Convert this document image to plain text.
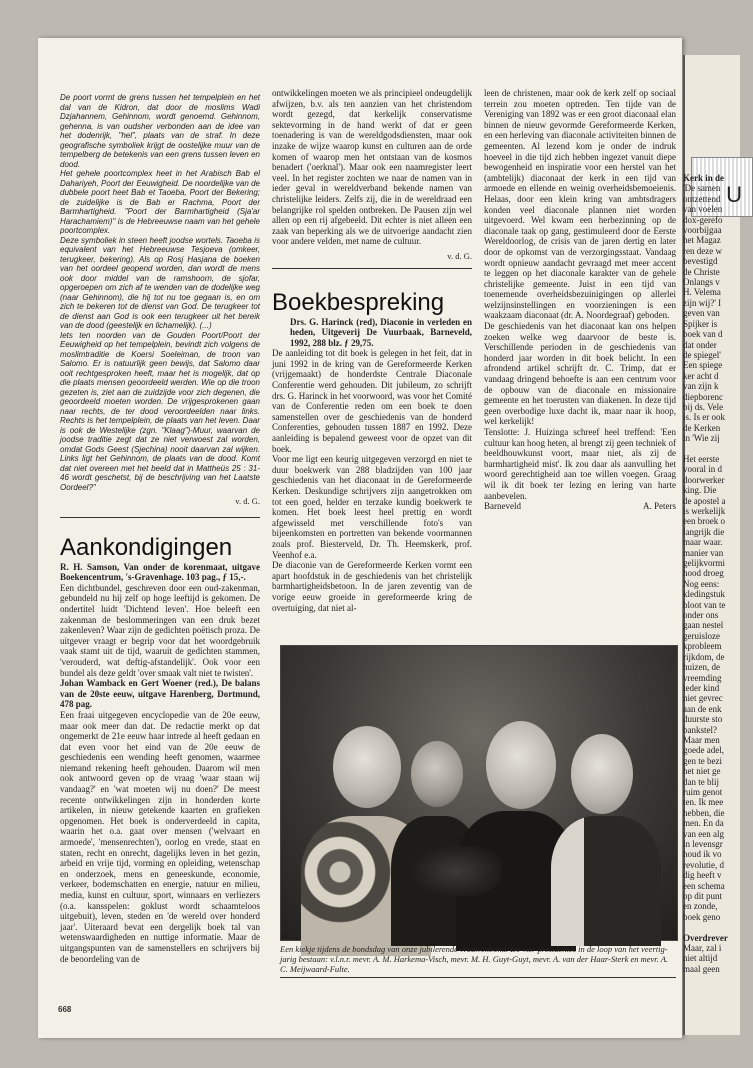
De poort vormt de grens tussen het tempelplein en het dal van de Kidron, dat door de moslims Wadi Dzjahannem, Gehinnom, wordt genoemd. Gehinnom, gehenna, is van oudsher verbonden aan de idee van het dodenrijk, "hel", plaats van de straf. In deze geografische symboliek krijgt de oostelijke muur van de tempelberg de betekenis van een grens tussen leven en dood.

Het gehele poortcomplex heet in het Arabisch Bab el Dahariyeh, Poort der Eeuwigheid. De noordelijke van de dubbele poort heet Bab et Taoeba, Poort der Bekering; de zuidelijke is de Bab er Rachma, Poort der Barmhartigheid. "Poort der Barmhartigheid (Sja'ar Harachamiem)" is de Hebreeuwse naam van het gehele poortcomplex.

Deze symboliek in steen heeft joodse wortels. Taoeba is equivalent van het Hebreeuwse Tesjoeva (omkeer, terugkeer, bekering). Als op Rosj Hasjana de boeken van het oordeel geopend worden, dan wordt de mens ook door middel van de ramshoorn, de sjofar, opgeroepen om zich af te wenden van de dodelijke weg (naar Gehinnom), die hij tot nu toe gegaan is, en om zich te bekeren tot de dienst van God. De terugkeer tot de dienst aan God is ook een terugkeer uit het bereik van de dood (geestelijk en lichamelijk). (...)

Iets ten noorden van de Gouden Poort/Poort der Eeuwigheid op het tempelplein, bevindt zich volgens de moslimtraditie de Koersi Soeleiman, de troon van Salomo. Er is natuurlijk geen bewijs, dat Salomo daar ooit rechtgesproken heeft, maar het is mogelijk, dat op die plaats mensen geoordeeld werden. Wie op die troon gezeten is, ziet aan de zuidzijde voor zich degenen, die geoordeeld moeten worden. De vrijgesprokenen gaan naar rechts, de ter dood veroordeelden naar links. Rechts is het tempelplein, de plaats van het leven. Daar is ook de Westelijke (zgn. "Klaag")-Muur, waarvan de joodse traditie zegt dat ze niet verwoest zal worden, omdat Gods Geest (Sjechina) nooit daarvan zal wijken. Links ligt het Gehinnom, de plaats van de dood. Komt dat niet overeen met het beeld dat in Mattheüs 25 : 31-46 wordt geschetst, bij de beschrijving van het Laatste Oordeel?"

v. d. G.
Aankondigingen

R. H. Samson, Van onder de korenmaat, uitgave Boekencentrum, 's-Gravenhage. 103 pag., ƒ 15,-.

Een dichtbundel, geschreven door een oud-zakenman, gebundeld nu hij zelf op hoge leeftijd is gekomen. De ondertitel luidt 'Dichtend leven'. Hoe beleeft een zakenman de beslommeringen van een druk bezet zakenleven? Waar zijn de gedichten poëtisch proza. De uitgever vraagt er begrip voor dat het woordgebruik vaak stamt uit de tijd, waaruit de gedichten stammen, 'verouderd, wat deftig-afstandelijk'. Ook voor een bundel als deze geldt 'over smaak valt niet te twisten'.

Johan Wamback en Gert Woener (red.), De balans van de 20ste eeuw, uitgave Harenberg, Dortmund, 478 pag.

Een fraai uitgegeven encyclopedie van de 20e eeuw, maar ook meer dan dat. De redactie merkt op dat ongemerkt de 21e eeuw haar intrede al heeft gedaan en dat even voor het eind van de 20e eeuw de geschiedenis een wending heeft genomen, waarmee niemand rekening heeft gehouden. Daarom wil men ook antwoord geven op de vraag 'waar staan wij vandaag?' en 'wat moeten wij nu doen?' De meest recente ontwikkelingen zijn in honderden korte artikelen, in nieuw getekende kaarten en grafieken opgenomen. Het boek is onderverdeeld in capita, waarin het o.a. gaat over mensen ('welvaart en armoede', 'mensenrechten'), oorlog en vrede, staat en staten, recht en onrecht, dagelijks leven in het gezin, arbeid en vrije tijd, vorming en opleiding, wetenschap en onderzoek, mens en geneeskunde, economie, verkeer, bodemschatten en energie, natuur en milieu, media, kunst en cultuur, sport, winnaars en verliezers (o.a. kansspelen: goklust wordt schaamteloos uitgebuit), leven, steden en 'de wereld over honderd jaar'. Uiteraard bevat een dergelijk boek tal van wetenswaardigheden en nuttige informatie. Maar de uitgangspunten van de samenstellers en schrijvers bij de beoordeling van de

ontwikkelingen moeten we als principieel ondeugdelijk afwijzen, b.v. als ten aanzien van het christendom wordt gezegd, dat kerkelijk conservatisme sektevorming in de hand werkt of dat er geen toenadering is van de wereldgodsdiensten, maar ook inzake de wijze waarop kunst en culturen aan de orde komen of waarop men het ontstaan van de kosmos benadert ('oerknal'). Maar ook een naamregister leert veel. In het register zochten we naar de namen van in ieder geval in wereldverband bekende namen van christelijke leiders. Zelfs zij, die in de wereldraad een belangrijke rol spelden ontbreken. De Pausen zijn wel allen op een rij afgebeeld. Dit echter is niet alleen een zaak van beperking als we de uitvoerige aandacht zien voor andere velden, met name de cultuur.

v. d. G.
Boekbespreking

Drs. G. Harinck (red), Diaconie in verleden en heden, Uitgeverij De Vuurbaak, Barneveld, 1992, 288 blz. ƒ 29,75.

De aanleiding tot dit boek is gelegen in het feit, dat in juni 1992 in de kring van de Gereformeerde Kerken (vrijgemaakt) de honderdste Centrale Diaconale Conferentie werd gehouden. Dit jubileum, zo schrijft drs. G. Harinck in het voorwoord, was voor het Comité van de Conferentie reden om een boek te doen samenstellen over de geschiedenis van de honderd Conferenties, gehouden tussen 1887 en 1992. Deze aanleiding is bepalend geweest voor de opzet van dit boek.

Voor me ligt een keurig uitgegeven verzorgd en niet te duur boekwerk van 288 bladzijden van 100 jaar geschiedenis van het diaconaat in de Gereformeerde Kerken. Deskundige schrijvers zijn aangetrokken om tot een goed, helder en terzake kundig boekwerk te komen. Het boek leest heel prettig en wordt afgewisseld met verschillende foto's van bijeenkomsten en portretten van bekende voormannen zoals prof. Biesterveld, Dr. Th. Heemskerk, prof. Veenhof e.a.

De diaconie van de Gereformeerde Kerken vormt een apart hoofdstuk in de geschiedenis van het christelijk barmhartigheidsbetoon. In de jaren zeventig van de vorige eeuw groeide in gereformeerde kring de overtuiging, dat niet al-

leen de christenen, maar ook de kerk zelf op sociaal terrein zou moeten optreden. Ten tijde van de Vereniging van 1892 was er een groot diaconaal elan binnen de nieuw gevormde Gereformeerde Kerken, en een herleving van diaconale activiteiten binnen de gemeenten. Al lezend kom je onder de indruk hoeveel in die tijd zich hebben ingezet vanuit diepe bewogenheid en inspiratie voor een herstel van het (ambtelijk) diaconaat der kerk in een tijd van armoede en ellende en weinig overheidsbemoeienis. Helaas, door een klein kring van ambtsdragers konden veel diaconale plannen niet worden uitgevoerd. Wel kwam een herbezinning op de diaconale taak op gang, gestimuleerd door de Eerste Wereldoorlog, de crisis van de jaren dertig en later door de opkomst van de verzorgingsstaat. Vandaag wordt opnieuw aandacht gevraagd met meer accent te leggen op het diaconale karakter van de gehele christelijke gemeente. Juist in een tijd van toenemende overheidsbezuinigingen op allerlei welzijnsinstellingen en voorzieningen is een waakzaam diaconaat (dr. A. Noordegraaf) geboden.

De geschiedenis van het diaconaat kan ons helpen zoeken welke weg daarvoor de beste is. Verschillende perioden in de geschiedenis van honderd jaar worden in dit boek belicht. In een afrondend artikel schrijft dr. C. Trimp, dat er vandaag dringend behoefte is aan een centrum voor de opbouw van de diaconale en missionaire gemeente en het toerusten van diakenen. In deze tijd geen overbodige luxe dacht ik, maar naar ik hoop, wel kerkelijk!

Tenslotte: J. Huizinga schreef heel treffend: 'Een cultuur kan hoog heten, al brengt zij geen techniek of beeldhouwkunst voort, maar niet, als zij de barmhartigheid mist'. Ik zou daar als aanvulling het woord gerechtigheid aan toe willen voegen. Graag wil ik dit boek ter lezing en lering van harte aanbevelen.

Barneveld	A. Peters
Een kiekje tijdens de bondsdag van onze jubilerende vrouwenbond. De vier presidentes in de loop van het veertig-jarig bestaan: v.l.n.r. mevr. A. M. Harkema-Visch, mevr. M. H. Guyt-Guyt, mevr. A. van der Haar-Sterk en mevr. A. C. Meijwaard-Fulte.
668
U
Kerk in de
'De samen
ontzettend
van voelen
dox-gerefo
voorbijgaa
het Magaz
ren deze w
bevestigd
de Christe
Onlangs v
H. Velema
zijn wij?' I
geven van
Spijker is
boek van d
dat onder
de spiegel'
Een spiege
ker acht d
van zijn k
diepborenc
bij ds. Vele
is. Is er ook
de Kerken
in 'Wie zij

Het eerste
vooral in d
doorwerker
king. Die
de apostel a
is werkelijk
een broek o
langrijk die
maar waar.
manier van
gelijkvormi
hood droeg
Nog eens:
kledingstuk
bloot van te
onder ons
gaan nestel
geruisloze
kprobleem
rijkdom, de
huizen, de
vreemding
ieder kind
niet gevrec
aan de enk
duurste sto
bankstel?
Maar men
goede adel,
gen te bezi
het niet ge
dan te blij
ruim genot
ten. Ik mee
hebben, die
men. En da
van een alg
in levensgr
houd ik vo
revolutie, d
dig heeft v
een schema
op dit punt
en zonde,
boek geno

Overdrever
Maar, zal i
niet altijd
maal geen
